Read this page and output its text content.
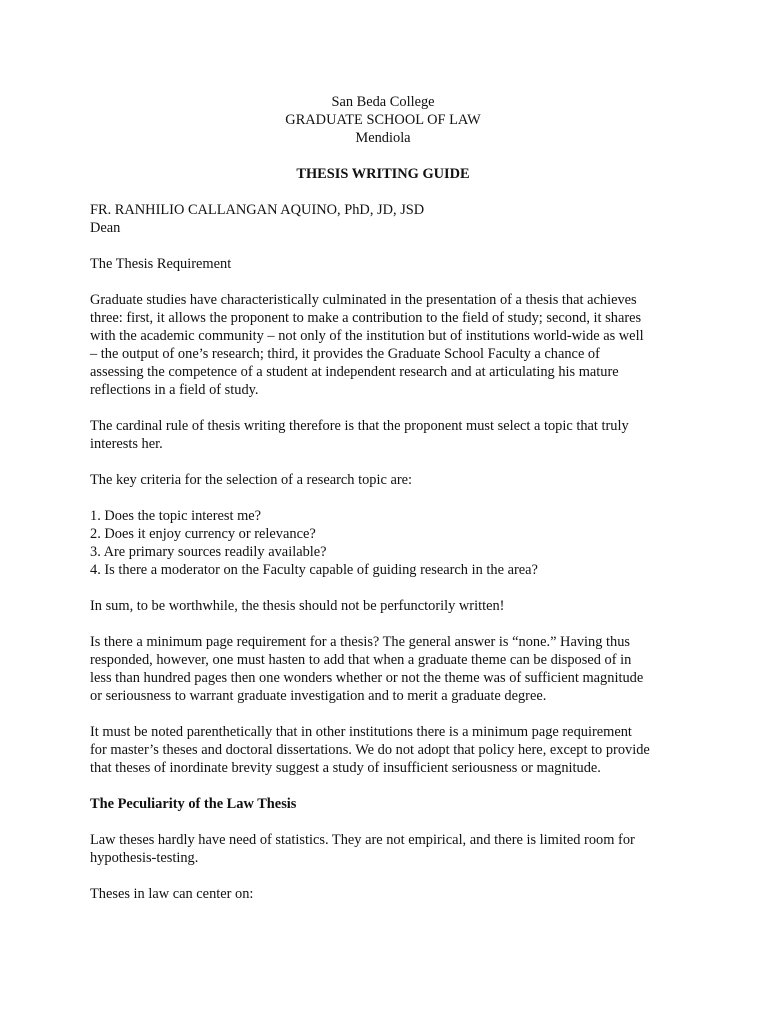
San Beda College
GRADUATE SCHOOL OF LAW
Mendiola
THESIS WRITING GUIDE
FR. RANHILIO CALLANGAN AQUINO, PhD, JD, JSD
Dean
The Thesis Requirement
Graduate studies have characteristically culminated in the presentation of a thesis that achieves
three: first, it allows the proponent to make a contribution to the field of study; second, it shares
with the academic community – not only of the institution but of institutions world-wide as well
– the output of one’s research; third, it provides the Graduate School Faculty a chance of
assessing the competence of a student at independent research and at articulating his mature
reflections in a field of study.
The cardinal rule of thesis writing therefore is that the proponent must select a topic that truly
interests her.
The key criteria for the selection of a research topic are:
1. Does the topic interest me?
2. Does it enjoy currency or relevance?
3. Are primary sources readily available?
4. Is there a moderator on the Faculty capable of guiding research in the area?
In sum, to be worthwhile, the thesis should not be perfunctorily written!
Is there a minimum page requirement for a thesis? The general answer is “none.” Having thus
responded, however, one must hasten to add that when a graduate theme can be disposed of in
less than hundred pages then one wonders whether or not the theme was of sufficient magnitude
or seriousness to warrant graduate investigation and to merit a graduate degree.
It must be noted parenthetically that in other institutions there is a minimum page requirement
for master’s theses and doctoral dissertations. We do not adopt that policy here, except to provide
that theses of inordinate brevity suggest a study of insufficient seriousness or magnitude.
The Peculiarity of the Law Thesis
Law theses hardly have need of statistics. They are not empirical, and there is limited room for
hypothesis-testing.
Theses in law can center on:
